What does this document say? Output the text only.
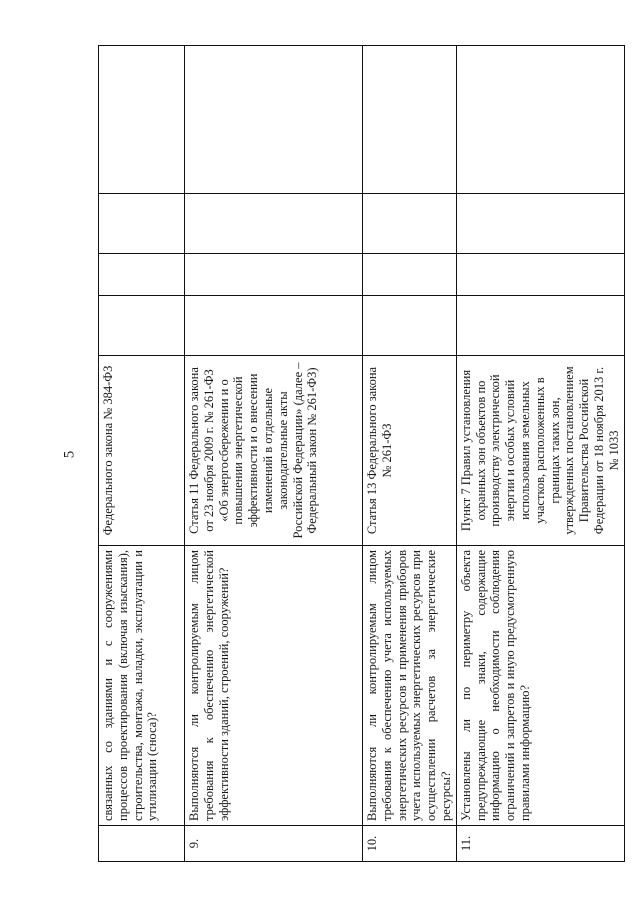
5
	связанных со зданиями и с сооружениями процессов проектирования (включая изыскания), строительства, монтажа, наладки, эксплуатации и утилизации (сноса)?	Федерального закона № 384-ФЗ				
9.	Выполняются ли контролируемым лицом требования к обеспечению энергетической эффективности зданий, строений, сооружений?	Статья 11 Федерального закона от 23 ноября 2009 г. № 261-ФЗ «Об энергосбережении и о повышении энергетической эффективности и о внесении изменений в отдельные законодательные акты Российской Федерации» (далее – Федеральный закон № 261-ФЗ)				
10.	Выполняются ли контролируемым лицом требования к обеспечению учета используемых энергетических ресурсов и применения приборов учета используемых энергетических ресурсов при осуществлении расчетов за энергетические ресурсы?	Статья 13 Федерального закона № 261-ФЗ				
11.	Установлены ли по периметру объекта предупреждающие знаки, содержащие информацию о необходимости соблюдения ограничений и запретов и иную предусмотренную правилами информацию?	Пункт 7 Правил установления охранных зон объектов по производству электрической энергии и особых условий использования земельных участков, расположенных в границах таких зон, утвержденных постановлением Правительства Российской Федерации от 18 ноября 2013 г. № 1033				
